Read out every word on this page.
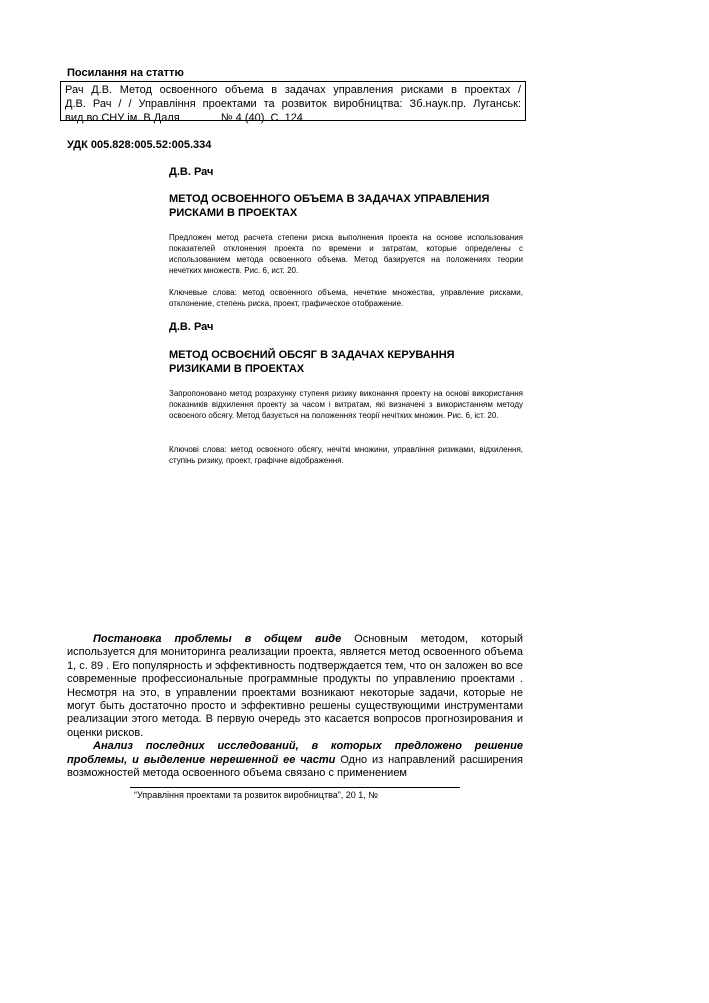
Посилання на статтю
Рач Д.В. Метод освоенного объема в задачах управления рисками в проектах /
Д.В. Рач / / Управління проектами та розвиток виробництва: Зб.наук.пр. Луганськ:
вид во СНУ ім. В.Даля	№ 4 (40). С. 124
УДК 005.828:005.52:005.334
Д.В. Рач
МЕТОД ОСВОЕННОГО ОБЪЕМА В ЗАДАЧАХ УПРАВЛЕНИЯ
РИСКАМИ В ПРОЕКТАХ
Предложен метод расчета степени риска выполнения проекта на основе использования показателей отклонения проекта по времени и затратам, которые определены с использованием метода освоенного объема. Метод базируется на положениях теории нечетких множеств. Рис. 6, ист. 20.
Ключевые слова: метод освоенного объема, нечеткие множества, управление рисками, отклонение, степень риска, проект, графическое отображение.
Д.В. Рач
МЕТОД ОСВОЄНИЙ ОБСЯГ В ЗАДАЧАХ КЕРУВАННЯ
РИЗИКАМИ В ПРОЕКТАХ
Запропоновано метод розрахунку ступеня ризику виконання проекту на основі використання показників відхилення проекту за часом і витратам, які визначені з використанням методу освоєного обсягу. Метод базується на положеннях теорії нечітких множин. Рис. 6, іст. 20.
Ключові слова: метод освоєного обсягу, нечіткі множини, управління ризиками, відхилення, ступінь ризику, проект, графічне відображення.

Постановка проблемы в общем виде Основным методом, который используется для мониторинга реализации проекта, является метод освоенного объема 1, с. 89 . Его популярность и эффективность подтверждается тем, что он заложен во все современные профессиональные программные продукты по управлению проектами . Несмотря на это, в управлении проектами возникают некоторые задачи, которые не могут быть достаточно просто и эффективно решены существующими инструментами реализации этого метода. В первую очередь это касается вопросов прогнозирования и оценки рисков.

Анализ последних исследований, в которых предложено решение проблемы, и выделение нерешенной ее части Одно из направлений расширения возможностей метода освоенного объема связано с применением

“Управління проектами та розвиток виробництва”, 20 1, №
